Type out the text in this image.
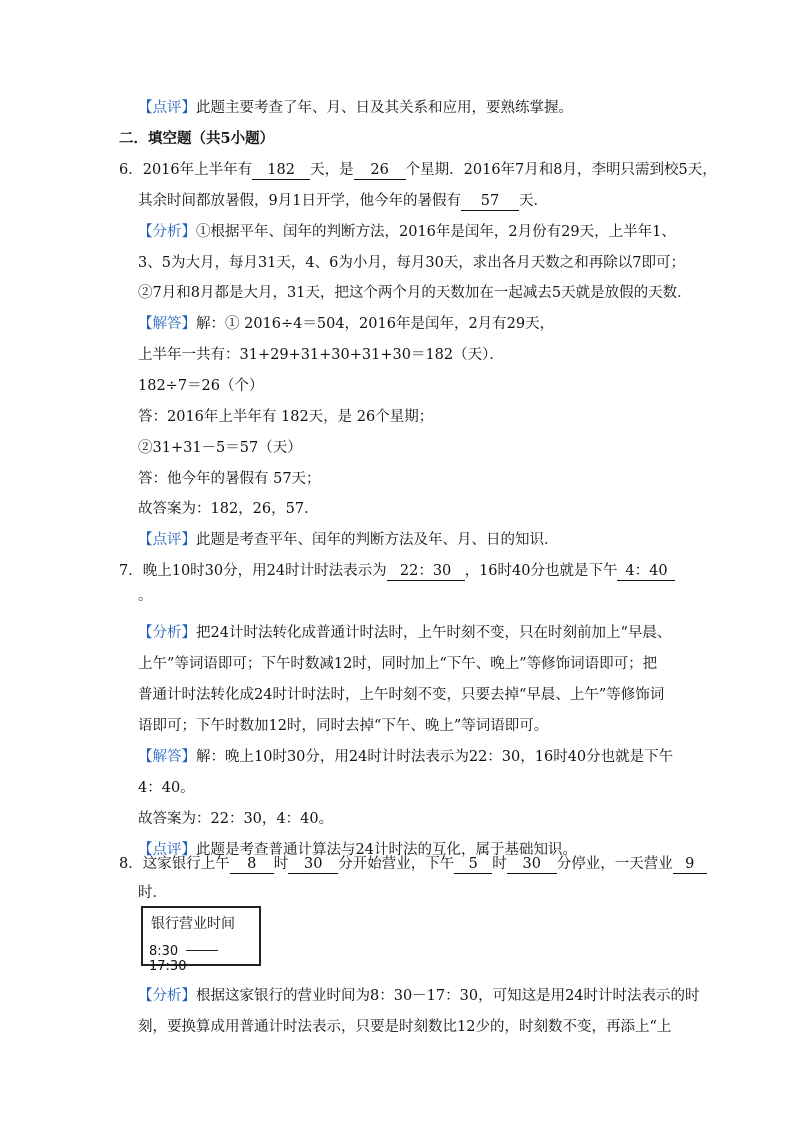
【点评】此题主要考查了年、月、日及其关系和应用，要熟练掌握。
二．填空题（共5小题）
6．2016年上半年有 182 天，是 26 个星期．2016年7月和8月，李明只需到校5天，
其余时间都放暑假，9月1日开学，他今年的暑假有 57 天．
【分析】①根据平年、闰年的判断方法，2016年是闰年，2月份有29天，上半年1、
3、5为大月，每月31天，4、6为小月，每月30天，求出各月天数之和再除以7即可；
②7月和8月都是大月，31天，把这个两个月的天数加在一起减去5天就是放假的天数．
【解答】解：① 2016÷4＝504，2016年是闰年，2月有29天，
上半年一共有：31+29+31+30+31+30＝182（天）．
182÷7＝26（个）
答：2016年上半年有 182天，是 26个星期；
②31+31－5＝57（天）
答：他今年的暑假有 57天；
故答案为：182，26，57．
【点评】此题是考查平年、闰年的判断方法及年、月、日的知识．
7．晚上10时30分，用24时计时法表示为 22：30 ，16时40分也就是下午 4：40
。
【分析】把24计时法转化成普通计时法时，上午时刻不变，只在时刻前加上“早晨、
上午”等词语即可；下午时数减12时，同时加上“下午、晚上”等修饰词语即可；把
普通计时法转化成24时计时法时，上午时刻不变，只要去掉“早晨、上午”等修饰词
语即可；下午时数加12时，同时去掉“下午、晚上”等词语即可。
【解答】解：晚上10时30分，用24时计时法表示为22：30，16时40分也就是下午
4：40。
故答案为：22：30，4：40。
【点评】此题是考查普通计算法与24计时法的互化，属于基础知识。
8．这家银行上午 8 时 30 分开始营业，下午 5 时 30 分停业，一天营业 9
时．
银行营业时间
8:3017:30
【分析】根据这家银行的营业时间为8：30－17：30，可知这是用24时计时法表示的时
刻，要换算成用普通计时法表示，只要是时刻数比12少的，时刻数不变，再添上“上
